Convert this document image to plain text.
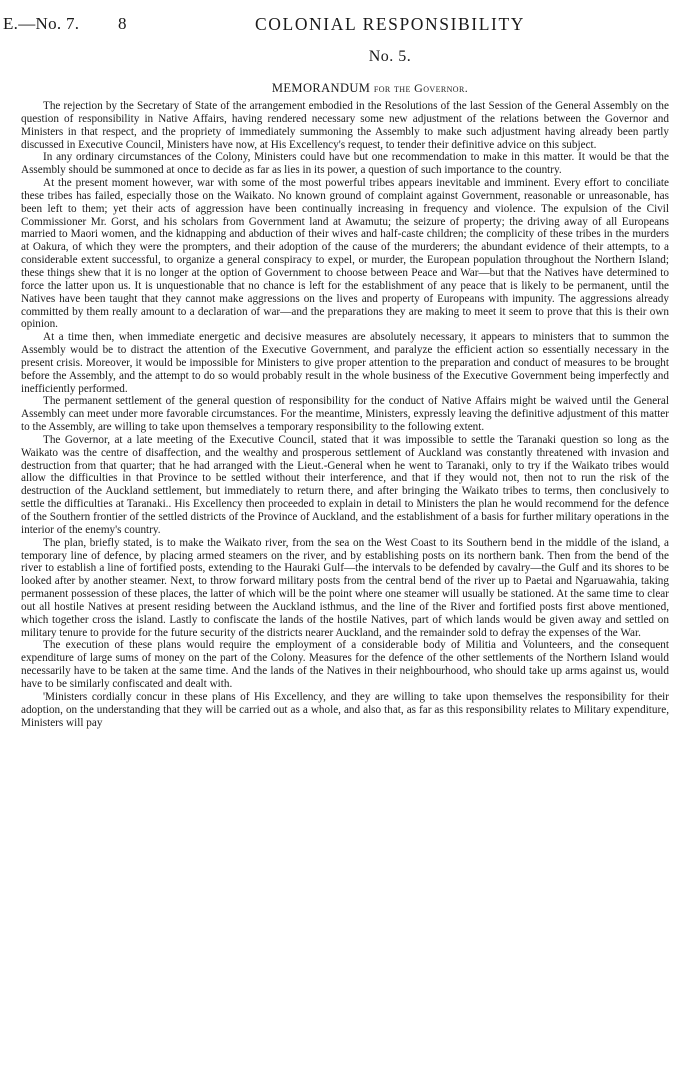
E.—No. 7. 8	COLONIAL RESPONSIBILITY
No. 5.
MEMORANDUM for the Governor.

The rejection by the Secretary of State of the arrangement embodied in the Resolutions of the last Session of the General Assembly on the question of responsibility in Native Affairs, having rendered necessary some new adjustment of the relations between the Governor and Ministers in that respect, and the propriety of immediately summoning the Assembly to make such adjustment having already been partly discussed in Executive Council, Ministers have now, at His Excellency's request, to tender their definitive advice on this subject.

In any ordinary circumstances of the Colony, Ministers could have but one recommendation to make in this matter. It would be that the Assembly should be summoned at once to decide as far as lies in its power, a question of such importance to the country.

At the present moment however, war with some of the most powerful tribes appears inevitable and imminent. Every effort to conciliate these tribes has failed, especially those on the Waikato. No known ground of complaint against Government, reasonable or unreasonable, has been left to them; yet their acts of aggression have been continually increasing in frequency and violence. The expulsion of the Civil Commissioner Mr. Gorst, and his scholars from Government land at Awamutu; the seizure of property; the driving away of all Europeans married to Maori women, and the kidnapping and abduction of their wives and half-caste children; the complicity of these tribes in the murders at Oakura, of which they were the prompters, and their adoption of the cause of the murderers; the abundant evidence of their attempts, to a considerable extent successful, to organize a general conspiracy to expel, or murder, the European population throughout the Northern Island; these things shew that it is no longer at the option of Government to choose between Peace and War—but that the Natives have determined to force the latter upon us. It is unquestionable that no chance is left for the establishment of any peace that is likely to be permanent, until the Natives have been taught that they cannot make aggressions on the lives and property of Europeans with impunity. The aggressions already committed by them really amount to a declaration of war—and the preparations they are making to meet it seem to prove that this is their own opinion.

At a time then, when immediate energetic and decisive measures are absolutely necessary, it appears to ministers that to summon the Assembly would be to distract the attention of the Executive Government, and paralyze the efficient action so essentially necessary in the present crisis. Moreover, it would be impossible for Ministers to give proper attention to the preparation and conduct of measures to be brought before the Assembly, and the attempt to do so would probably result in the whole business of the Executive Government being imperfectly and inefficiently performed.

The permanent settlement of the general question of responsibility for the conduct of Native Affairs might be waived until the General Assembly can meet under more favorable circumstances. For the meantime, Ministers, expressly leaving the definitive adjustment of this matter to the Assembly, are willing to take upon themselves a temporary responsibility to the following extent.

The Governor, at a late meeting of the Executive Council, stated that it was impossible to settle the Taranaki question so long as the Waikato was the centre of disaffection, and the wealthy and prosperous settlement of Auckland was constantly threatened with invasion and destruction from that quarter; that he had arranged with the Lieut.-General when he went to Taranaki, only to try if the Waikato tribes would allow the difficulties in that Province to be settled without their interference, and that if they would not, then not to run the risk of the destruction of the Auckland settlement, but immediately to return there, and after bringing the Waikato tribes to terms, then conclusively to settle the difficulties at Taranaki.. His Excellency then proceeded to explain in detail to Ministers the plan he would recommend for the defence of the Southern frontier of the settled districts of the Province of Auckland, and the establishment of a basis for further military operations in the interior of the enemy's country.

The plan, briefly stated, is to make the Waikato river, from the sea on the West Coast to its Southern bend in the middle of the island, a temporary line of defence, by placing armed steamers on the river, and by establishing posts on its northern bank. Then from the bend of the river to establish a line of fortified posts, extending to the Hauraki Gulf—the intervals to be defended by cavalry—the Gulf and its shores to be looked after by another steamer. Next, to throw forward military posts from the central bend of the river up to Paetai and Ngaruawahia, taking permanent possession of these places, the latter of which will be the point where one steamer will usually be stationed. At the same time to clear out all hostile Natives at present residing between the Auckland isthmus, and the line of the River and fortified posts first above mentioned, which together cross the island. Lastly to confiscate the lands of the hostile Natives, part of which lands would be given away and settled on military tenure to provide for the future security of the districts nearer Auckland, and the remainder sold to defray the expenses of the War.

The execution of these plans would require the employment of a considerable body of Militia and Volunteers, and the consequent expenditure of large sums of money on the part of the Colony. Measures for the defence of the other settlements of the Northern Island would necessarily have to be taken at the same time. And the lands of the Natives in their neighbourhood, who should take up arms against us, would have to be similarly confiscated and dealt with.

'Ministers cordially concur in these plans of His Excellency, and they are willing to take upon themselves the responsibility for their adoption, on the understanding that they will be carried out as a whole, and also that, as far as this responsibility relates to Military expenditure, Ministers will pay
